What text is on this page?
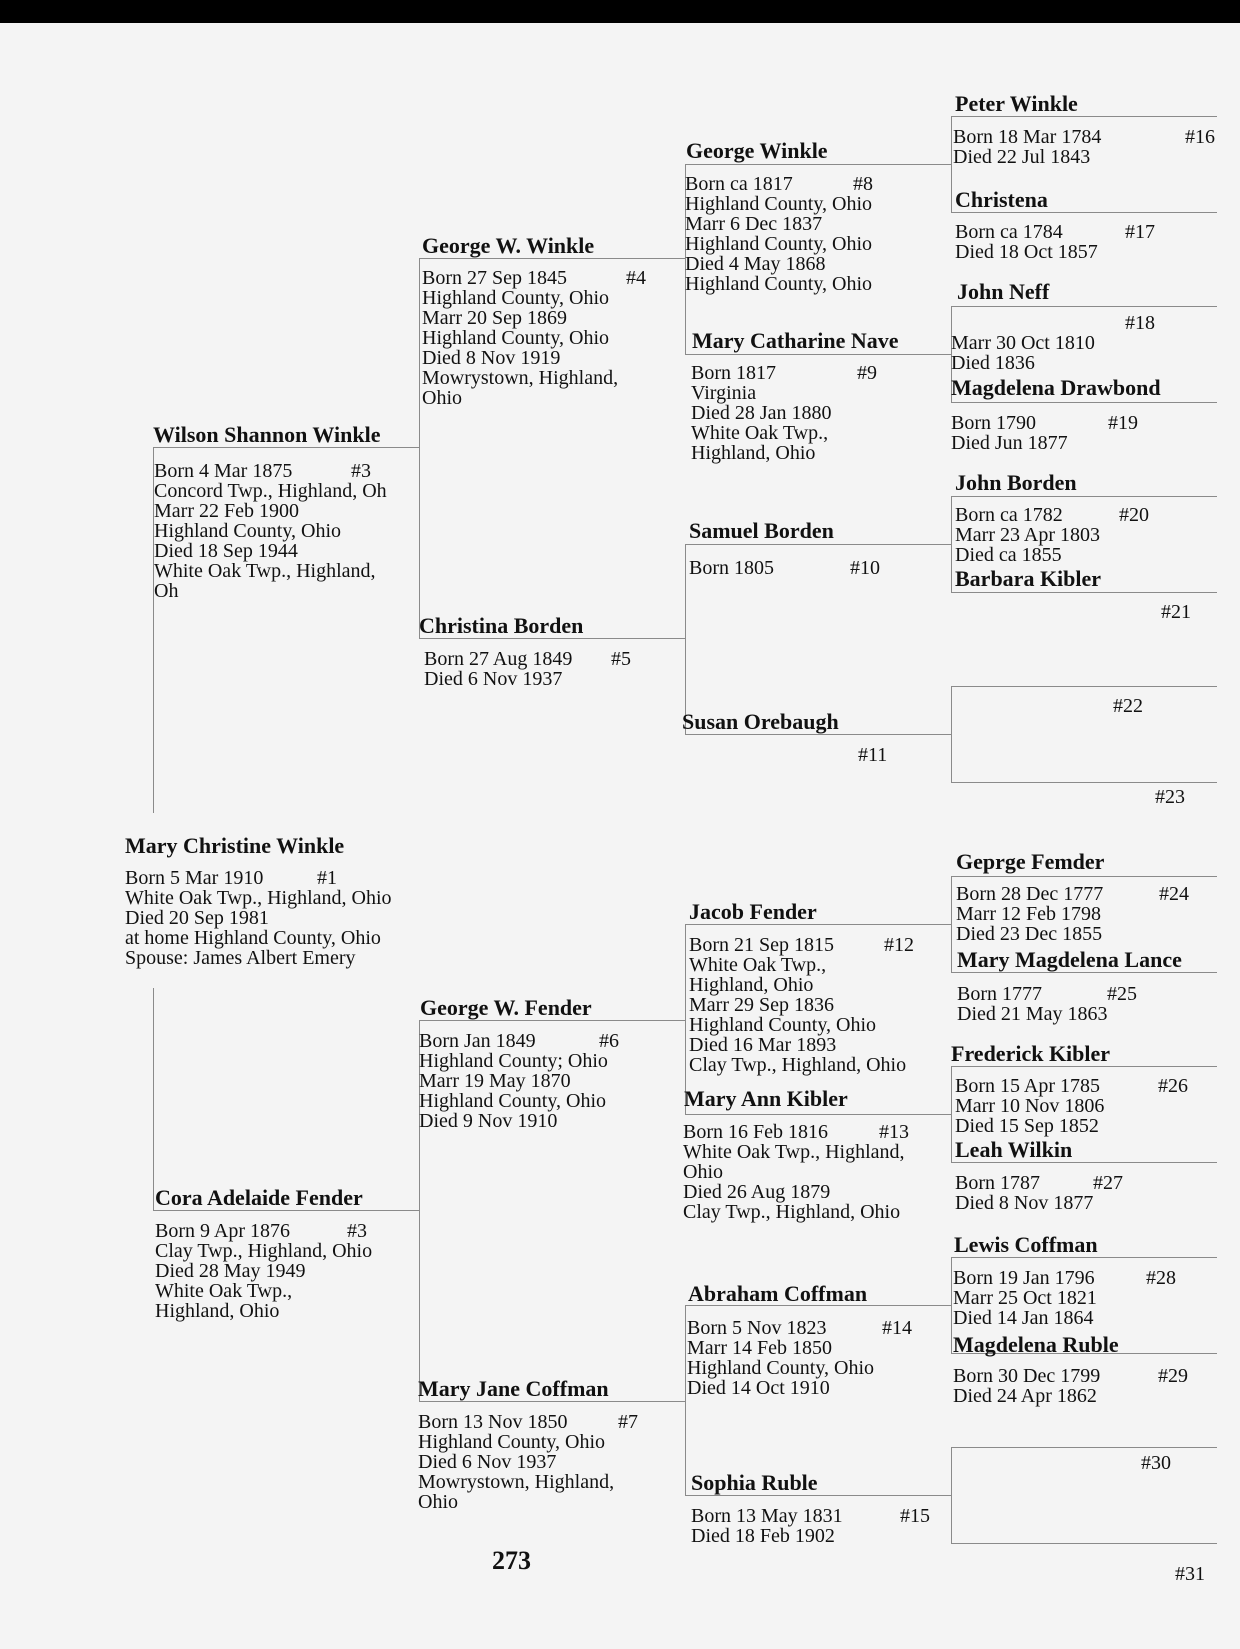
Mary Christine Winkle
Born 5 Mar 1910	#1
White Oak Twp., Highland, Ohio
Died 20 Sep 1981
at home Highland County, Ohio
Spouse: James Albert Emery
Wilson Shannon Winkle
Born 4 Mar 1875	#3
Concord Twp., Highland, Oh
Marr 22 Feb 1900
Highland County, Ohio
Died 18 Sep 1944
White Oak Twp., Highland,
Oh
Cora Adelaide Fender
Born 9 Apr 1876	#3
Clay Twp., Highland, Ohio
Died 28 May 1949
White Oak Twp.,
Highland, Ohio
George W. Winkle
Born 27 Sep 1845	#4
Highland County, Ohio
Marr 20 Sep 1869
Highland County, Ohio
Died 8 Nov 1919
Mowrystown, Highland,
Ohio
Christina Borden
Born 27 Aug 1849 #5
Died 6 Nov 1937
George W. Fender
Born Jan 1849	#6
Highland County; Ohio
Marr 19 May 1870
Highland County, Ohio
Died 9 Nov 1910
Mary Jane Coffman
Born 13 Nov 1850	#7
Highland County, Ohio
Died 6 Nov 1937
Mowrystown, Highland,
Ohio
George Winkle
Born ca 1817	#8
Highland County, Ohio
Marr 6 Dec 1837
Highland County, Ohio
Died 4 May 1868
Highland County, Ohio
Mary Catharine Nave
Born 1817	#9
Virginia
Died 28 Jan 1880
White Oak Twp.,
Highland, Ohio
Samuel Borden
Born 1805	#10
Susan Orebaugh
#11
Jacob Fender
Born 21 Sep 1815	#12
White Oak Twp.,
Highland, Ohio
Marr 29 Sep 1836
Highland County, Ohio
Died 16 Mar 1893
Clay Twp., Highland, Ohio
Mary Ann Kibler
Born 16 Feb 1816	#13
White Oak Twp., Highland,
Ohio
Died 26 Aug 1879
Clay Twp., Highland, Ohio
Abraham Coffman
Born 5 Nov 1823	#14
Marr 14 Feb 1850
Highland County, Ohio
Died 14 Oct 1910
Sophia Ruble
Born 13 May 1831	#15
Died 18 Feb 1902
Peter Winkle
Born 18 Mar 1784	#16
Died 22 Jul 1843
Christena
Born ca 1784	#17
Died 18 Oct 1857
John Neff
#18
Marr 30 Oct 1810
Died 1836
Magdelena Drawbond
Born 1790	#19
Died Jun 1877
John Borden
Born ca 1782	#20
Marr 23 Apr 1803
Died ca 1855
Barbara Kibler
#21
#22
#23
Geprge Femder
Born 28 Dec 1777	#24
Marr 12 Feb 1798
Died 23 Dec 1855
Mary Magdelena Lance
Born 1777	#25
Died 21 May 1863
Frederick Kibler
Born 15 Apr 1785	#26
Marr 10 Nov 1806
Died 15 Sep 1852
Leah Wilkin
Born 1787	#27
Died 8 Nov 1877
Lewis Coffman
Born 19 Jan 1796	#28
Marr 25 Oct 1821
Died 14 Jan 1864
Magdelena Ruble
Born 30 Dec 1799	#29
Died 24 Apr 1862
#30
#31
273
